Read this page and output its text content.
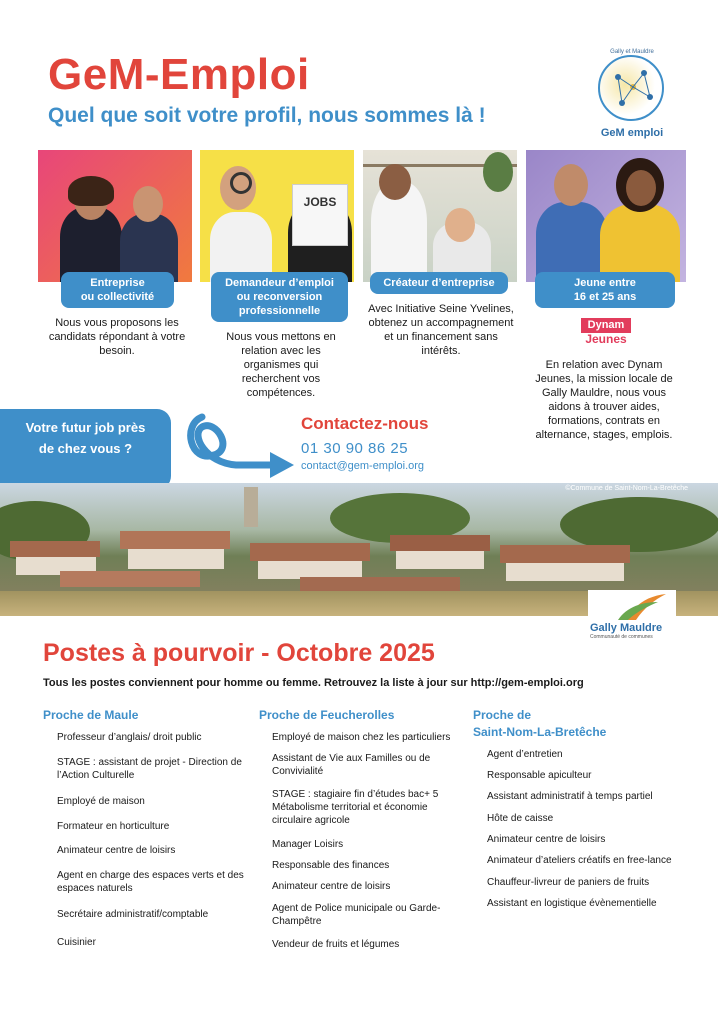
GeM-Emploi
Quel que soit votre profil, nous sommes là !
Gally et Mauldre
GeM emploi
JOBS
Entreprise
ou collectivité
Demandeur d’emploi
ou reconversion
professionnelle
Créateur d’entreprise	Jeune entre
16 et 25 ans
Nous vous proposons les candidats répondant à votre besoin.
Nous vous mettons en relation avec les organismes qui recherchent vos compétences.
Avec Initiative Seine Yvelines, obtenez un accompagnement et un financement sans intérêts.
En relation avec Dynam Jeunes, la mission locale de Gally Mauldre, nous vous aidons à trouver aides, formations, contrats en alternance, stages, emplois.
Dynam
Jeunes
Votre futur job près de chez vous ?
Contactez-nous
01 30 90 86 25
contact@gem-emploi.org
©Commune de Saint-Nom-La-Bretêche
Gally Mauldre
Communauté de communes
Postes à pourvoir - Octobre 2025
Tous les postes conviennent pour homme ou femme. Retrouvez la liste à jour sur http://gem-emploi.org
Proche de Maule
Professeur d’anglais/ droit public
STAGE : assistant de projet - Direction de l’Action Culturelle
Employé de maison
Formateur en horticulture
Animateur centre de loisirs
Agent en charge des espaces verts et des espaces naturels
Secrétaire administratif/comptable
Cuisinier
Proche de Feucherolles
Employé de maison chez les particuliers
Assistant de Vie aux Familles ou de Convivialité
STAGE : stagiaire fin d’études bac+ 5 Métabolisme territorial et économie circulaire agricole
Manager Loisirs
Responsable des finances
Animateur centre de loisirs
Agent de Police municipale ou Garde-Champêtre
Vendeur de fruits et légumes
Proche de
Saint-Nom-La-Bretêche
Agent d’entretien
Responsable apiculteur
Assistant administratif à temps partiel
Hôte de caisse
Animateur centre de loisirs
Animateur d’ateliers créatifs en free-lance
Chauffeur-livreur de paniers de fruits
Assistant en logistique évènementielle
